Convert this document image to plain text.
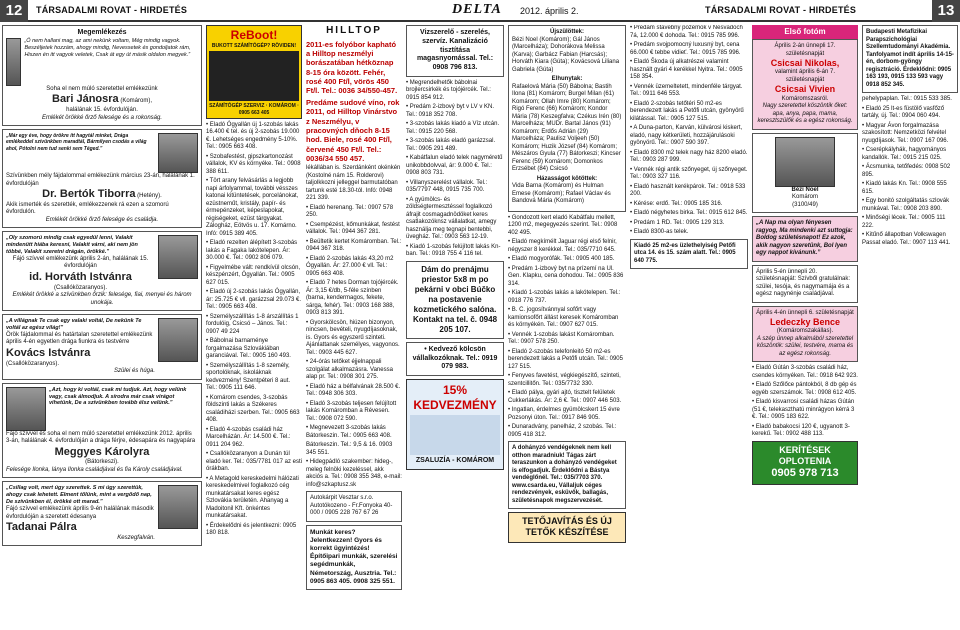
12	TÁRSADALMI ROVAT - HIRDETÉS	DELTA 2012. április 2.	TÁRSADALMI ROVAT - HIRDETÉS	13
Megemlékezés
„Ő nem hallani mag, az ami nekünk voltam, Még mindig vagyok. Beszéljetek hozzám, ahogy mindig, Nevessetek és gondoljatok rám, Hiszen én itt vagyok veletek, Csak át egy út másik oldalon megyek.”
Soha el nem múló szeretettel emlékezünk
Bari Jánosra (Komárom),
halálának 15. évfordulóján.
Emlékét örökké őrző felesége és a rokonság.
„Már egy éve, hogy örökre itt hagytál minket, Drága emlékeddel szívünkben maradtál, Bármilyen csodás a világ ahol, Pótolni nem tud senki sem Téged.”
Szívünkben mély fájdalommal emlékezünk március 23-án, halálának 1. évfordulóján
Dr. Bertók Tiborra (Hetény).
Akik ismerték és szerették, emlékezzenek rá ezen a szomorú évfordulón.
Emlékét örökké őrző felesége és családja.
„Oly szomorú mindig csak egyedül lenni, Valakit mindenütt hiába keresni, Valakit várni, aki nem jön többé, Valakit szeretni drágán, örökké.”
Fájó szívvel emlékezünk április 2-án, halálának 15. évfordulóján
id. Horváth Istvánra
(Csallóközaranyos).
Emlékét örökké a szívünkben őrzik: felesége, fiai, menyei és három unokája.
„A villágnak Te csak egy valaki voltál, De nekünk Te voltál az egész világ!”
Örök fájdalommal és határtalan szeretettel emlékezünk április 4-én egyetlen drága fiunkra és testvérre
Kovács Istvánra
(Csallóközaranyos).
Szülei és húga.
„Azt, hogy ki voltál, csak mi tudjuk. Azt, hogy velünk vagy, csak álmodjuk. A sírodra már csak virágot vihetünk, De a szívünkben tovább élsz velünk.”
Fájó szívvel és soha el nem múló szeretettel emlékezünk 2012. április 3-án, halálának 4. évfordulóján a drága férjre, édesapára és nagyapára
Meggyes Károlyra
(Bátorkeszi).
Felesége Ilonka, lánya Ilonka családjával és fia Károly családjával.
„Csillag volt, mert úgy szerettek. S mi úgy szerettük, ahogy csak lehetett. Elment tőlünk, mint a vergődő nap, De szívünkben él, örökké ott marad.”
Fájó szívvel emlékezünk április 9-én halálának második évfordulóján a szeretett édesanya
Tadanai Pálra
Keszegfalván.
ReBoot!
BUKOTT SZÁMÍTÓGÉP? RÖVIDEN!
SZÁMÍTÓGÉP SZERVIZ · KOMÁROM · 0905 663 405
• Eladó Ógyallán új 1-szobás lakás 16.400 € tel. és új 2-szobás 19.000 €. Lehetséges engedmény 5-10%. Tel.: 0905 663 408.
• Szobafestést, gipszkartonozást vállalok, KV és környéke. Tel.: 0908 388 611.
• Tört arany felvásárlás a legjobb napi árfolyammal, további vésszes katonai kitüntetések, porcelánokat, ezüstneműt, kristály, papír- és érmepénzeket, képeslapokat, régiségeket, ezüst tárgyakat. Zálogház, Eötvös u. 17. Komárno. Infó: 0915 389 405.
• Eladó rezelten álépített 3-szobás lakás a Fagaka lakótelepen. Ár: 30.000 €. Tel.: 0902 806 079.
• Figyelmébe vált: rendkívül olcsón, készpénzért, Ógyallán. Tel.: 0905 627 015.
• Eladó új 2-szobás lakás Ógyallán, ár: 25.725 € vll. garázzsal 29.073 €. Tel.: 0905 663 408.
• Személyszállítás 1-8 árszállítás 1 fordulóig, Csicsó – János. Tel.: 0907 49 224
• Bábolnai barnaménye forgalmazása Szlovákiában garanciával. Tel.: 0905 160 493.
• Személyszállítás 1-8 személy, sportolóknak, iskoláknak kedvezmény! Szentpéteri 8 aut. Tel.: 0905 111 646.
• Komárom csendes, 3-szobás földszinti lakás a Székeres családiházi szerben. Tel.: 0905 663 408.
• Eladó 4-szobás családi ház Marcelházán. Ár: 14.500 €. Tel.: 0911 204 962.
• Csallóközaranyon a Dunán túl eladó ker. Tel.: 035/7781 017 az esti órákban.
• A Metagold kereskedelmi hálózati kereskedelmivel foglalkozó cég munkatársakat keres egész Szlovákia területén. Ahanyag a Madoitonil Kft. önkéntes munkatársakat.
• Érdekelődni és jelentkezni: 0905 180 818.
HILLTOP
2011-es folyóbor kapható a Hilltop neszmélyi borászatában hétköznap 8-15 óra között. Fehér, rosé 400 Ft/l, vörös 450 Ft/l. Tel.: 0036 34/550-457.
Predáme sudové víno, rok 2011, od Hilltop Vinárstvo z Neszmélyu, v pracovných dňoch 8-15 hod. Biele, rosé 400 Ft/l, červené 450 Ft/l. Tel.: 0036/34 550 457.
lékállában is. Szerdánként okénkén (Kostolné nám 15. Rolderovi) taljolkkozni jelleggel barmutatóban tartunk esté 18.30-tól. Infó: 0948 221 339.
• Eladó herenang. Tel.: 0907 578 250.
• Csempézést, kőmunkákat, festést vállalok. Tel.: 0944 367 281.
• Beültetik kertet Komáromban. Tel.: 0944 367 318.
• Eladó 2-szobás lakás 43,20 m2 Ógyallán. Ár: 27.000 € vll. Tel.: 0905 663 408.
• Eladó 7 hetes Dorman tojójércék. Ár: 3,15 €/db, 5-féle színben (barna, kendermagos, fekete, sárga, fehér). Tel.: 0903 168 388, 0903 813 391.
• Gyorskölcsön, hiúzen bizonyon, nincsen, bevételi, nyugdíjasoknak, is. Gyors és egyszerű szinteti. Ajánlattanak személyes, vagyonos. Tel.: 0903 445 627.
• 24-órás tetőket éjjelnappali szolgálat alkalmazásra. Vanessa alap pr. Tel.: 0908 301 275.
• Eladó ház a bélfalvának 28.500 €. Tel.: 0948 306 303.
• Eladó 3-szobás teljesen felújított lakás Komáromban a Révesen. Tel.: 0908 072 590.
• Megnevezett 3-szobás lakás Bátorkeszin. Tel.: 0905 663 408.
Bátorkeszin. Tel.: 9,5 & 16. 0903 345 551.
• Hidegpádló szakember: hideg-, meleg felnöki kezeléssel, akk akciós a. Tel.: 0908 355 348, e-mail: info@szkaptusz.sk
Autokárpit Vesztar s.r.o. Autotókozeno - Fr.Fonyoka 40-000 / 0905 228 767 67 26
Munkát keres? Jelentkezzen! Gyors és korrekt ügyintézés! Építőipari munkák, szerelési segédmunkák, Németország, Ausztria. Tel.: 0905 863 405. 0908 325 551.
Vizszerelő - szerelés, szervíz. Kanalizáció tisztítása magasnyomással. Tel.: 0908 796 813.
• Megrendelhetők bábolnai brojlercsirkék és tojójércék. Tel.: 0915 854 912.
• Predám 2-izbový byt v LV v KN. Tel.: 0918 352 708.
• 3-szobás lakás kiadó a Víz utcán. Tel.: 0915 220 568.
• 3-szobás lakás eladó garázzsal. Tel.: 0905 291 489.
• Kabátfalun eladó telek nagyméretű unikobbdolvval, ár: 9.000 €. Tel.: 0908 803 731.
• Villanyszerelést vállalok. Tel.: 035/7797 448, 0915 735 700.
• A gyümölcs- és zöldségtermesztéssel foglalkozó áfrajit cosmagadnödöket keres csatlakozóknsz vállalatkat, amegy használja meg tegnapi bentebbi, üvegház. Tel.: 0903 563 12-19.
• Kiadó 1-szobás felújított lakás Kn-ban. Tel.: 0918 755 4 116 tel.
Dám do prenájmu priestor 5x8 m po pekárni v obci Búčko na postavenie kozmetického salóna. Kontakt na tel. č. 0948 205 107.
• Kedvező kölcsön vállalkozóknak. Tel.: 0919 079 983.
15% KEDVEZMÉNY
ZSALUZÍA - KOMÁROM
Újszülöttek:

Bézi Noel (Komárom); Gál János (Marcelháza); Dohorákova Melissa (Karva); Garbácz Fabian (Harcsás); Horváth Kiara (Gúta); Kovácsová Liliana Gabriela (Gúta)

Elhunytak:

Rafaelová Mária (50) Bábolna; Bastih Ilona (81) Komárom; Burgel Milan (61) Komárom; Ollah Imre (80) Komárom; Rigó Ferenc (66) Komárom; Kondor Mária (78) Keszegfalva; Czékus Irén (80) Marcelháza; MUDr. Bartal János (91) Komárom; Erdős Adrián (29) Marcelháza; Paulisz Voljeeh (50) Komárom; Huzik József (84) Komárom; Mészáros Gyula (77) Bátorkeszi; Kincser Ferenc (59) Komárom; Domonkos Erzsébet (84) Csicsó

Házasságot kötöttek:

Vida Barna (Komárom) és Hulman Emese (Komárom); Rafael Václav és Bandová Mária (Komárom)

• Gondozott kert eladó Kabátfalu mellett, 1200 m2, megegyezés szerint. Tel.: 0908 402 495.
• Eladó megkímélt Jaguar régi első felnir, négyszer 8 kerékkel. Tel.: 035/7710 645.
• Eladó mogyorófák. Tel.: 0905 400 185.
• Predám 1-izbový byt na prízemí na Ul. Gen. Klapku, cena dohodou. Tel.: 0905 836 314.
• Kiadó 1-szobás lakás a lakótelepen. Tel.: 0918 776 737.
• B. C. jogosítvánnyal sofőrt vagy kamionsofőrt állást keresek Komáromban és környékén. Tel.: 0907 627 015.
• Vennék 1-szobás lakást Komáromban. Tel.: 0907 578 250.
• Eladó 2-szobás telefonleitó 50 m2-es berendezett lakás a Petőfi utcán. Tel.: 0905 127 515.
• Fenyves favetést, végkiegészítő, szinteti, szentcillitőn. Tel.: 035/7732 330.
• Eladó pálya, gyári ajtó, tisztelt felületek Cukkerlákás. Ár: 2,6 €. Tel.: 0907 446 503.
• Ingatlan, érdelmes gyümölcskert 15 évre Pozsonyi úton. Tel.: 0917 846 905.
• Dunaradvány, panelház, 2 szobás. Tel.: 0905 418 312.
A dohányzó vendégeknek nem kell otthon maradniuk! Tágas zárt teraszunkon a dohányzó vendégeket is elfogadjuk. Érdeklődni a Bástya vendéglőnél. Tel.: 035/7703 370. www.csarda.eu, Vállaljuk céges rendezvények, esküvők, ballagás, születésnapok megszervezését.
TETŐJAVÍTÁS ÉS ÚJ TETŐK KÉSZÍTÉSE
• Predám stavebný pozemok v Nesvadoch 7á, 12.000 € dohoda. Tel.: 0915 785 996.
• Predám svojpomocný luxusný byt, cena 66.000 € tebbe vidieť. Tel.: 0915 785 996.
• Eladó Škoda új alkatrészei valamint használt gyári 4 kerékkel Nyitra. Tel.: 0905 158 354.
• Vennék üzemeltetett, mindenféle tárgyat. Tel.: 0911 646 553.
• Eladó 2-szobás tetőtéri 50 m2-es berendezett lakás a Petőfi utcán, gyönyörű kilátással. Tel.: 0905 127 515.
• A Duna-parton, Karván, külvárosi kiskert, eladó, nagy kétkerületi, hozzájárulásoki gyönyörű. Tel.: 0907 590 397.
• Eladó 8300 m2 telek nagy ház 8200 eladó. Tel.: 0903 287 999.
• Vennék régi antik szőnyeget, új szőnyeget. Tel.: 0903 327 116.
• Eladó használt kerékpárok. Tel.: 0918 533 200.
• Kérése: erdő. Tel.: 0905 185 316.
• Eladó négyhetes birka. Tel.: 0915 612 845.
• Predám 1 RD. Tel.: 0905 129 313.
• Eladó 8300-as telek.
Kiadó 25 m2-es üzlethelyiség Petőfi utca 14. és 15. szám alatt. Tel.: 0905 640 775.
Első fotóm
Április 2-án ünnepli 17. születésnapját
Csicsai Nikolas,
valamint április 6-án 7. születésnapját
Csicsai Vivien
Komáromszasról.
Nagy szeretettel köszöntik őket: apa, anya, papa, mama, keresztszülők és a egész rokonság.
Bézi Noel
Komárom
(3100/49)
„A Nap ma olyan fényesen ragyog, Ma mindenki azt suttogja: Boldog születésnapot! Ez azok, akik nagyon szeretünk, Bol lyen egy nappot kívánunk.”
Április 5-én ünnepli 20. születésnapját: Szívből gratulálnak: szülei, tesója, és nagymamája és a egész nagynénje családjával.
Április 4-én ünnepli 6. születésnapját
Ledeczky Bence
(Komáromszakállas).
A szép ünnep alkalmából szeretettel köszöntik: szülei, testvére, mama és az egész rokonság.
• Eladó Gútán 3-szobás családi ház, csendes környéken. Tel.: 0918 642 923.
• Eladó Szőlőce pántokból, 8 db gép és egyéb szerszámok. Tel.: 0908 612 405.
• Eladó kisvarrosi családi házas Gútán (51 €, telekaszthatú minrágyon kérrá 3 €. Tel.: 0905 183 622.
• Eladó babakocsi 120 €, ugyanott 3-kerekű. Tel.: 0902 488 113.
KERÍTÉSEK OPLOTENIA
0905 978 713
Budapesti Metafizikai Parapszichológiai Szellemtudományi Akadémia. Tanfolyamot indít április 14-15-én, dorbom-gyöngy regisztráció. Érdeklődni: 0905 163 193, 0915 133 593 vagy 0918 852 345.
pehelypaplan. Tel.: 0915 533 385.
• Eladó 25 lt-es füstölő vasfőző tartály, új. Tel.: 0904 060 494.
• Magyar Ávon forgalmazása szakosított: Nemzetközi felvétel nyugdíjasok. Tel.: 0907 167 096.
• Cserépkályhák, hagyományos kandallók. Tel.: 0915 215 025.
• Ácsmunka, tetőfedés: 0908 502 895.
• Kiadó lakás Kn. Tel.: 0908 555 615.
• Egy bonitó szolgáltatás szlovák munkával. Tel.: 0908 203 890.
• Minőségi lécek. Tel.: 0905 111 222.
• Kitűnő állapotban Volkswagen Passat eladó. Tel.: 0907 113 441.
